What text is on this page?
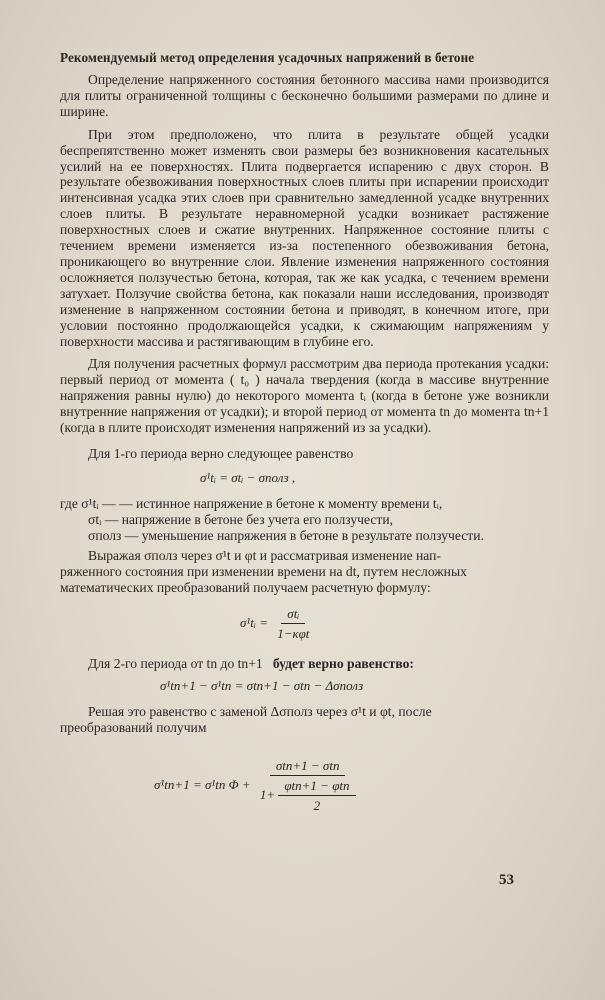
Рекомендуемый метод определения усадочных напряжений в бетоне

Определение напряженного состояния бетонного массива нами производится для плиты ограниченной толщины с бесконечно большими размерами по длине и ширине.

При этом предположено, что плита в результате общей усадки беспрепятственно может изменять свои размеры без возникновения касательных усилий на ее поверхностях. Плита подвергается испарению с двух сторон. В результате обезвоживания поверхностных слоев плиты при испарении происходит интенсивная усадка этих слоев при сравнительно замедленной усадке внутренних слоев плиты. В результате неравномерной усадки возникает растяжение поверхностных слоев и сжатие внутренних. Напряженное состояние плиты с течением времени изменяется из-за постепенного обезвоживания бетона, проникающего во внутренние слои. Явление изменения напряженного состояния осложняется ползучестью бетона, которая, так же как усадка, с течением времени затухает. Ползучие свойства бетона, как показали наши исследования, производят изменение в напряженном состоянии бетона и приводят, в конечном итоге, при условии постоянно продолжающейся усадки, к сжимающим напряжениям у поверхности массива и растягивающим в глубине его.

Для получения расчетных формул рассмотрим два периода протекания усадки: первый период от момента ( t₀ ) начала твердения (когда в массиве внутренние напряжения равны нулю) до некоторого момента tᵢ (когда в бетоне уже возникли внутренние напряжения от усадки); и второй период от момента tn до момента tn+1 (когда в плите происходят изменения напряжений из за усадки).

Для 1-го периода верно следующее равенство

σ¹tᵢ = σtᵢ − σполз ,

где σ¹tᵢ — — истинное напряжение в бетоне к моменту времени tᵢ,

σtᵢ — напряжение в бетоне без учета его ползучести,

σполз — уменьшение напряжения в бетоне в результате ползучести.

Выражая σполз через σ¹t и φt и рассматривая изменение нап-

ряженного состояния при изменении времени на dt, путем несложных

математических преобразований получаем расчетную формулу:

σ¹tᵢ = $\frac{\text{σtᵢ}}{\text{1−кφt}}$

Для 2-го периода от tn до tn+1 будет верно равенство:

σ¹tn+1 − σ¹tn = σtn+1 − σtn − Δσполз

Решая это равенство с заменой Δσполз через σ¹t и φt, после

преобразований получим

σ¹tn+1 = σ¹tn $\Phi + \frac{\text{σtn+1 − σtn}}{1+ \frac{\text{φtn+1 − φtn}}{2}}$
53
